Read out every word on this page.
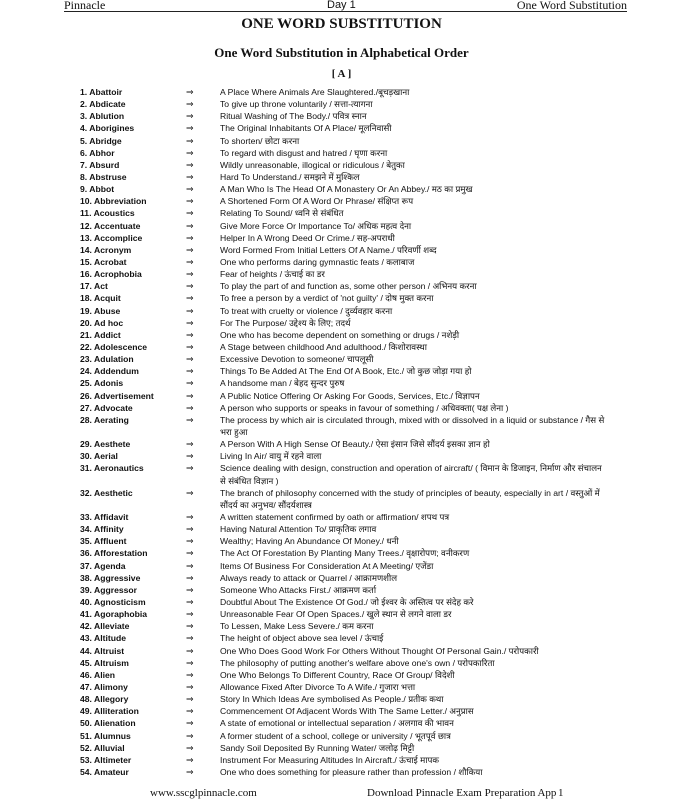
Pinnacle	Day 1	One Word Substitution
ONE WORD SUBSTITUTION
One Word Substitution in Alphabetical Order
[ A ]
1. Abattoir	⇒	A Place Where Animals Are Slaughtered./बूचड़खाना
2. Abdicate	⇒	To give up throne voluntarily / सत्ता-त्यागना
3. Ablution	⇒	Ritual Washing of The Body./ पवित्र स्नान
4. Aborigines	⇒	The Original Inhabitants Of A Place/ मूलनिवासी
5. Abridge	⇒	To shorten/ छोटा करना
6. Abhor	⇒	To regard with disgust and hatred / घृणा करना
7. Absurd	⇒	Wildly unreasonable, illogical or ridiculous / बेतुका
8. Abstruse	⇒	Hard To Understand./ समझने में मुश्किल
9. Abbot	⇒	A Man Who Is The Head Of A Monastery Or An Abbey./ मठ का प्रमुख
10. Abbreviation	⇒	A Shortened Form Of A Word Or Phrase/ संक्षिप्त रूप
11. Acoustics	⇒	Relating To Sound/ ध्वनि से संबंधित
12. Accentuate	⇒	Give More Force Or Importance To/ अधिक महत्व देना
13. Accomplice	⇒	Helper In A Wrong Deed Or Crime./ सह-अपराधी
14. Acronym	⇒	Word Formed From Initial Letters Of A Name./ परिवर्णी शब्द
15. Acrobat	⇒	One who performs daring gymnastic feats / कलाबाज
16. Acrophobia	⇒	Fear of heights / ऊंचाई का डर
17. Act	⇒	To play the part of and function as, some other person / अभिनय करना
18. Acquit	⇒	To free a person by a verdict of 'not guilty' / दोष मुक्त करना
19. Abuse	⇒	To treat with cruelty or violence / दुर्व्यवहार करना
20. Ad hoc	⇒	For The Purpose/ उद्देश्य के लिए; तदर्थ
21. Addict	⇒	One who has become dependent on something or drugs / नशेड़ी
22. Adolescence	⇒	A Stage between childhood And adulthood./ किशोरावस्था
23. Adulation	⇒	Excessive Devotion to someone/ चापलूसी
24. Addendum	⇒	Things To Be Added At The End Of A Book, Etc./ जो कुछ जोड़ा गया हो
25. Adonis	⇒	A handsome man / बेहद सुन्दर पुरुष
26. Advertisement	⇒	A Public Notice Offering Or Asking For Goods, Services, Etc./ विज्ञापन
27. Advocate	⇒	A person who supports or speaks in favour of something / अधिवक्ता( पक्ष लेना )
28. Aerating	⇒	The process by which air is circulated through, mixed with or dissolved in a liquid or substance / गैस से भरा हुआ
29. Aesthete	⇒	A Person With A High Sense Of Beauty./ ऐसा इंसान जिसे सौंदर्य इसका ज्ञान हो
30. Aerial	⇒	Living In Air/ वायु में रहने वाला
31. Aeronautics	⇒	Science dealing with design, construction and operation of aircraft/ ( विमान के डिजाइन, निर्माण और संचालन से संबंधित विज्ञान )
32. Aesthetic	⇒	The branch of philosophy concerned with the study of principles of beauty, especially in art / वस्तुओं में सौंदर्य का अनुभव/ सौंदर्यशास्त्र
33. Affidavit	⇒	A written statement confirmed by oath or affirmation/ शपथ पत्र
34. Affinity	⇒	Having Natural Attention To/ प्राकृतिक लगाव
35. Affluent	⇒	Wealthy; Having An Abundance Of Money./ धनी
36. Afforestation	⇒	The Act Of Forestation By Planting Many Trees./ वृक्षारोपण; वनीकरण
37. Agenda	⇒	Items Of Business For Consideration At A Meeting/ एजेंडा
38. Aggressive	⇒	Always ready to attack or Quarrel / आक्रामणशील
39. Aggressor	⇒	Someone Who Attacks First./ आक्रमण कर्ता
40. Agnosticism	⇒	Doubtful About The Existence Of God./ जो ईश्वर के अस्तित्व पर संदेह करे
41. Agoraphobia	⇒	Unreasonable Fear Of Open Spaces./ खुले स्थान से लगने वाला डर
42. Alleviate	⇒	To Lessen, Make Less Severe./ कम करना
43. Altitude	⇒	The height of object above sea level / ऊंचाई
44. Altruist	⇒	One Who Does Good Work For Others Without Thought Of Personal Gain./ परोपकारी
45. Altruism	⇒	The philosophy of putting another's welfare above one's own / परोपकारिता
46. Alien	⇒	One Who Belongs To Different Country, Race Of Group/ विदेशी
47. Alimony	⇒	Allowance Fixed After Divorce To A Wife./ गुजारा भत्ता
48. Allegory	⇒	Story In Which Ideas Are symbolised As People./ प्रतीक कथा
49. Alliteration	⇒	Commencement Of Adjacent Words With The Same Letter./ अनुप्रास
50. Alienation	⇒	A state of emotional or intellectual separation / अलगाव की भावन
51. Alumnus	⇒	A former student of a school, college or university / भूतपूर्व छात्र
52. Alluvial	⇒	Sandy Soil Deposited By Running Water/ जलोढ़ मिट्टी
53. Altimeter	⇒	Instrument For Measuring Altitudes In Aircraft./ ऊंचाई मापक
54. Amateur	⇒	One who does something for pleasure rather than profession / शौकिया
www.sscglpinnacle.com	Download Pinnacle Exam Preparation App 1
